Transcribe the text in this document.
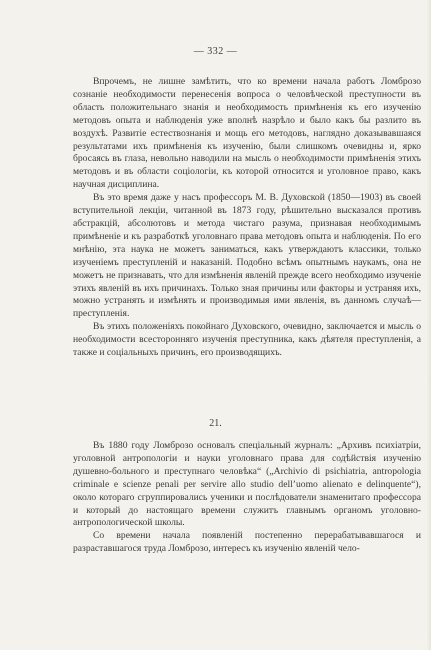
— 332 —

Впрочемъ, не лишне замѣтить, что ко времени начала работъ Ломброзо сознаніе необходимости перенесенія вопроса о человѣческой преступности въ область положительнаго знанія и необходимость примѣненія къ его изученію методовъ опыта и наблюденія уже вполнѣ назрѣло и было какъ бы разлито въ воздухѣ. Развитіе естествознанія и мощь его методовъ, наглядно доказывавшаяся результатами ихъ примѣненія къ изученію, были слишкомъ очевидны и, ярко бросаясь въ глаза, невольно наводили на мысль о необходимости примѣненія этихъ методовъ и въ области соціологіи, къ которой относится и уголовное право, какъ научная дисциплина.

Въ это время даже у насъ профессоръ М. В. Духовской (1850—1903) въ своей вступительной лекціи, читанной въ 1873 году, рѣшительно высказался противъ абстракцій, абсолютовъ и метода чистаго разума, признавая необходимымъ примѣненіе и къ разработкѣ уголовнаго права методовъ опыта и наблюденія. По его мнѣнію, эта наука не можетъ заниматься, какъ утверждаютъ классики, только изученіемъ преступленій и наказаній. Подобно всѣмъ опытнымъ наукамъ, она не можетъ не признавать, что для измѣненія явленій прежде всего необходимо изученіе этихъ явленій въ ихъ причинахъ. Только зная причины или факторы и устраняя ихъ, можно устранять и измѣнять и производимыя ими явленія, въ данномъ случаѣ—преступленія.

Въ этихъ положеніяхъ покойнаго Духовского, очевидно, заключается и мысль о необходимости всесторонняго изученія преступника, какъ дѣятеля преступленія, а также и соціальныхъ причинъ, его производящихъ.

21.

Въ 1880 году Ломброзо основалъ спеціальный журналъ: „Архивъ психіатріи, уголовной антропологіи и науки уголовнаго права для содѣйствія изученію душевно-больного и преступнаго человѣка“ („Archivio di psichiatria, antropologia criminale e scienze penali per servire allo studio dell’uomo alienato e delinquente“), около котораго сгруппировались ученики и послѣдователи знаменитаго профессора и который до настоящаго времени служитъ главнымъ органомъ уголовно-антропологической школы.

Со времени начала появленій постепенно перерабатывавшагося и разраставшагося труда Ломброзо, интересъ къ изученію явленій чело-
